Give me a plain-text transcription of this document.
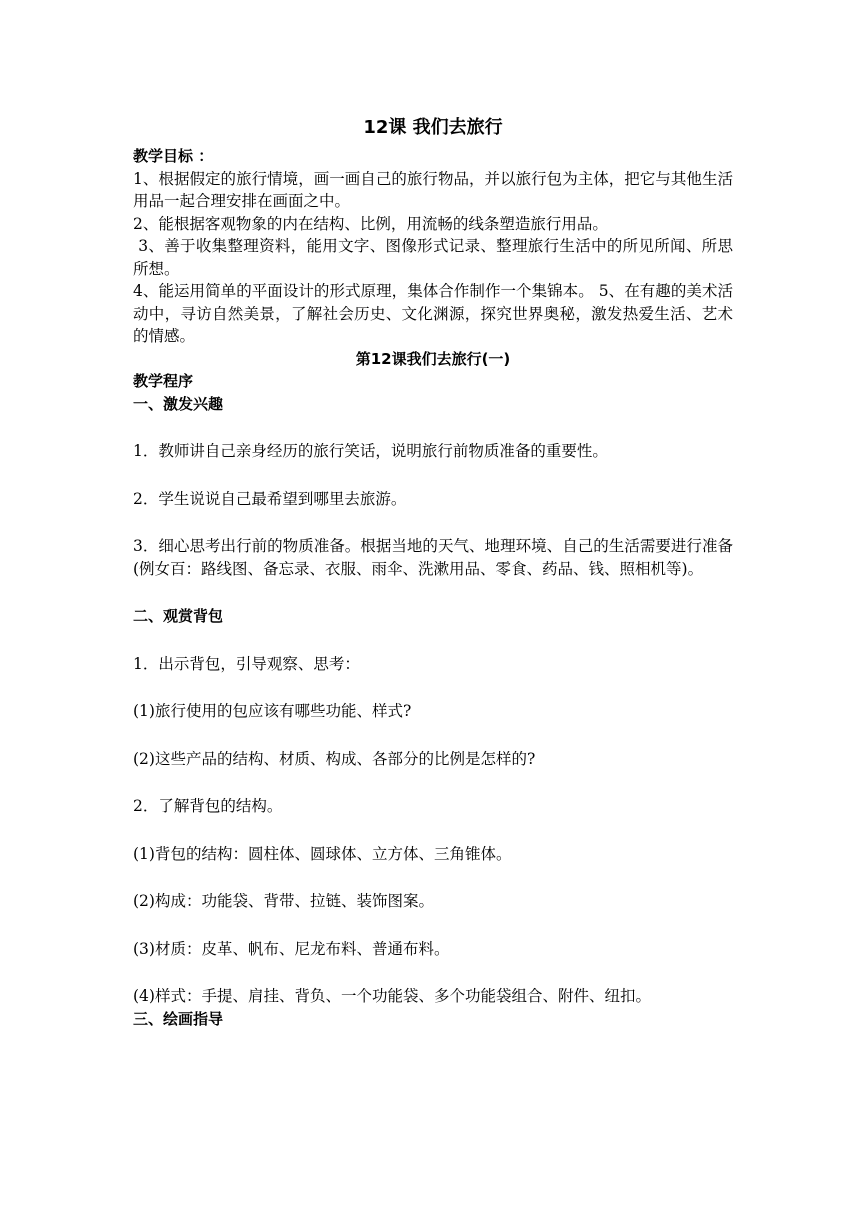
12课 我们去旅行

教学目标 ：

1、根据假定的旅行情境，画一画自己的旅行物品，并以旅行包为主体，把它与其他生活用品一起合理安排在画面之中。

2、能根据客观物象的内在结构、比例，用流畅的线条塑造旅行用品。

3、善于收集整理资料，能用文字、图像形式记录、整理旅行生活中的所见所闻、所思所想。

4、能运用简单的平面设计的形式原理，集体合作制作一个集锦本。 5、在有趣的美术活动中，寻访自然美景，了解社会历史、文化渊源，探究世界奥秘，激发热爱生活、艺术的情感。

第12课我们去旅行(一)

教学程序

一、激发兴趣

1．教师讲自己亲身经历的旅行笑话，说明旅行前物质准备的重要性。

2．学生说说自己最希望到哪里去旅游。

3．细心思考出行前的物质准备。根据当地的天气、地理环境、自己的生活需要进行准备(例女百：路线图、备忘录、衣服、雨伞、洗漱用品、零食、药品、钱、照相机等)。

二、观赏背包

1．出示背包，引导观察、思考：

(1)旅行使用的包应该有哪些功能、样式?

(2)这些产品的结构、材质、构成、各部分的比例是怎样的?

2．了解背包的结构。

(1)背包的结构：圆柱体、圆球体、立方体、三角锥体。

(2)构成：功能袋、背带、拉链、装饰图案。

(3)材质：皮革、帆布、尼龙布料、普通布料。

(4)样式：手提、肩挂、背负、一个功能袋、多个功能袋组合、附件、纽扣。

三、绘画指导
